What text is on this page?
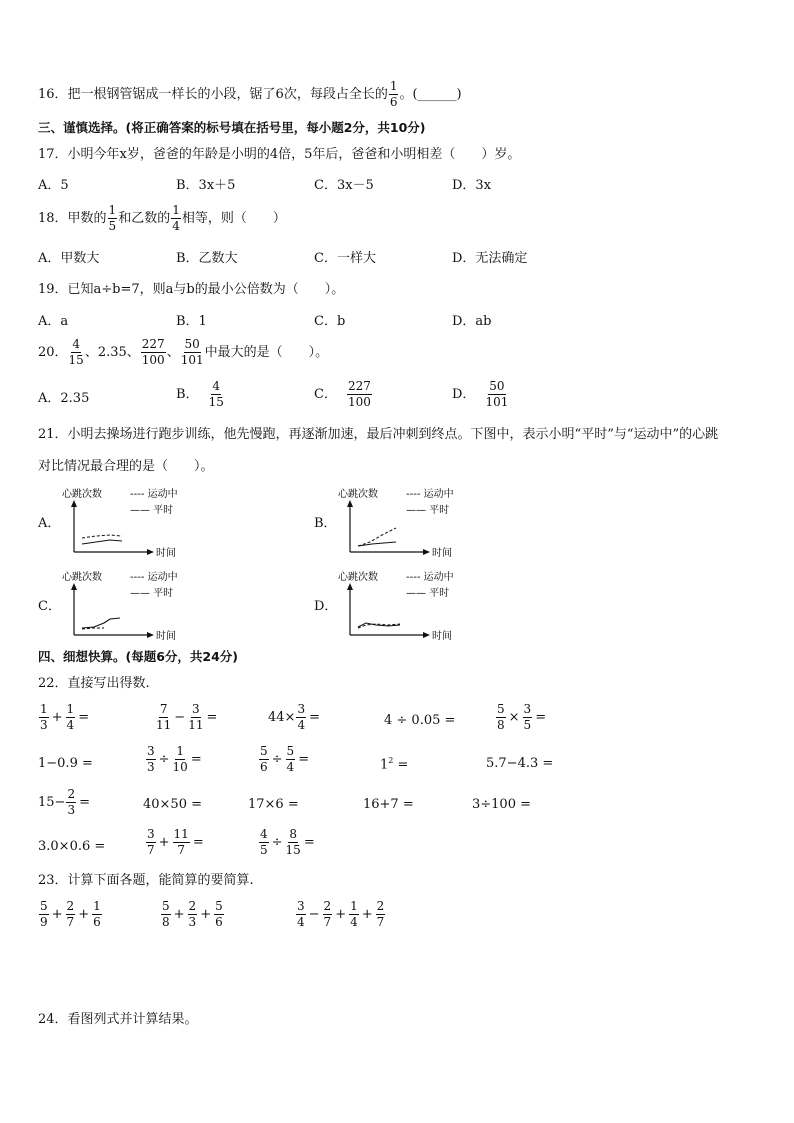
16．把一根钢管锯成一样长的小段，锯了6次，每段占全长的 $\frac{1}{6}$ 。(______)
三、谨慎选择。(将正确答案的标号填在括号里，每小题2分，共10分)
17．小明今年x岁，爸爸的年龄是小明的4倍，5年后，爸爸和小明相差（　　）岁。
A．5	B．3x＋5	C．3x－5	D．3x
18．甲数的 $\frac{1}{5}$ 和乙数的 $\frac{1}{4}$ 相等，则（　　）
A．甲数大	B．乙数大	C．一样大	D．无法确定
19．已知a÷b=7，则a与b的最小公倍数为（　　）。
A．a	B．1	C．b	D．ab
20． $\frac{4}{15}$ 、2.35、 $\frac{227}{100}$ 、 $\frac{50}{101}$ 中最大的是（　　）。
A．2.35	B． $\frac{4}{15}$	C． $\frac{227}{100}$	D． $\frac{50}{101}$
21．小明去操场进行跑步训练，他先慢跑，再逐渐加速，最后冲刺到终点。下图中，表示小明“平时”与“运动中”的心跳
对比情况最合理的是（　　）。
A．
心跳次数	---- 运动中
—— 平时
时间
B．
心跳次数	---- 运动中
—— 平时
时间
C．
心跳次数	---- 运动中
—— 平时
时间
D．
心跳次数	---- 运动中
—— 平时
时间
四、细想快算。(每题6分，共24分)
22．直接写出得数.
$\frac{1}{3} + \frac{1}{4}$ =	$\frac{7}{11} - \frac{3}{11}$ =	$44\times \frac{3}{4}$ =	4 ÷ 0.05 =	$\frac{5}{8} \times \frac{3}{5}$ =
1−0.9 =	$\frac{3}{3} \div \frac{1}{10}$ =	$\frac{5}{6} \div \frac{5}{4}$ =	$1^2$ =	5.7−4.3 =
$15- \frac{2}{3}$ =	40×50 =	17×6 =	16+7 =	3÷100 =
3.0×0.6 =	$\frac{3}{7} + \frac{11}{7}$ =	$\frac{4}{5} \div \frac{8}{15}$ =
23．计算下面各题，能简算的要简算.
$\frac{5}{9} + \frac{2}{7} + \frac{1}{6}$	$\frac{5}{8} + \frac{2}{3} + \frac{5}{6}$	$\frac{3}{4} - \frac{2}{7} + \frac{1}{4} + \frac{2}{7}$
24．看图列式并计算结果。
